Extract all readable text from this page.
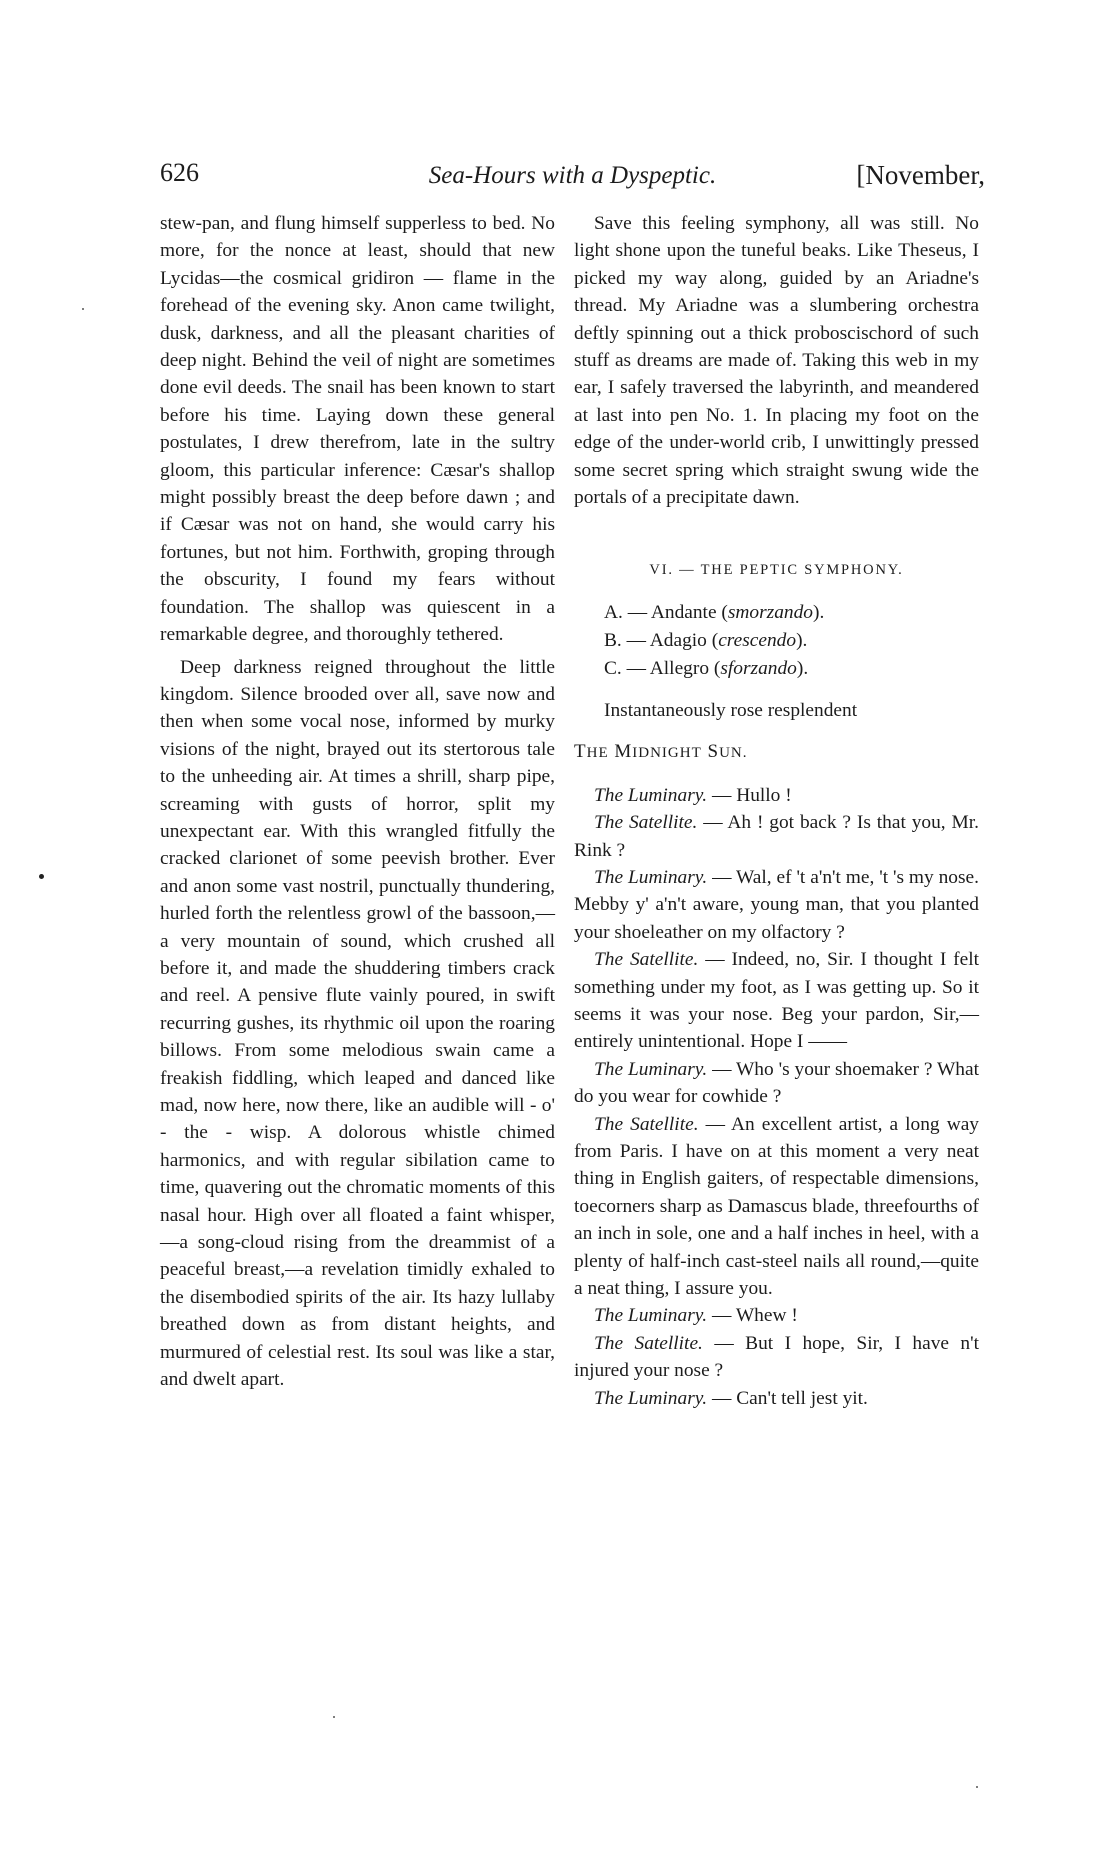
626	Sea-Hours with a Dyspeptic.	[November,

stew-pan, and flung himself supperless to bed. No more, for the nonce at least, should that new Lycidas—the cosmical gridiron — flame in the forehead of the evening sky. Anon came twilight, dusk, darkness, and all the pleasant charities of deep night. Behind the veil of night are sometimes done evil deeds. The snail has been known to start before his time. Laying down these general postulates, I drew therefrom, late in the sultry gloom, this particular inference: Cæsar's shallop might possibly breast the deep before dawn ; and if Cæsar was not on hand, she would carry his fortunes, but not him. Forthwith, groping through the obscurity, I found my fears without foundation. The shallop was quiescent in a remarkable degree, and thoroughly tethered.

Deep darkness reigned throughout the little kingdom. Silence brooded over all, save now and then when some vocal nose, informed by murky visions of the night, brayed out its stertorous tale to the unheeding air. At times a shrill, sharp pipe, screaming with gusts of horror, split my unexpectant ear. With this wrangled fitfully the cracked clarionet of some peevish brother. Ever and anon some vast nostril, punctually thundering, hurled forth the relentless growl of the bassoon,— a very mountain of sound, which crushed all before it, and made the shuddering timbers crack and reel. A pensive flute vainly poured, in swift recurring gushes, its rhythmic oil upon the roaring billows. From some melodious swain came a freakish fiddling, which leaped and danced like mad, now here, now there, like an audible will - o' - the - wisp. A dolorous whistle chimed harmonics, and with regular sibilation came to time, quavering out the chromatic moments of this nasal hour. High over all floated a faint whisper, —a song-cloud rising from the dreammist of a peaceful breast,—a revelation timidly exhaled to the disembodied spirits of the air. Its hazy lullaby breathed down as from distant heights, and murmured of celestial rest. Its soul was like a star, and dwelt apart.

Save this feeling symphony, all was still. No light shone upon the tuneful beaks. Like Theseus, I picked my way along, guided by an Ariadne's thread. My Ariadne was a slumbering orchestra deftly spinning out a thick proboscischord of such stuff as dreams are made of. Taking this web in my ear, I safely traversed the labyrinth, and meandered at last into pen No. 1. In placing my foot on the edge of the under-world crib, I unwittingly pressed some secret spring which straight swung wide the portals of a precipitate dawn.

VI. — THE PEPTIC SYMPHONY.
A. — Andante (smorzando).
B. — Adagio (crescendo).
C. — Allegro (sforzando).

Instantaneously rose resplendent

THE MIDNIGHT SUN.

The Luminary. — Hullo !

The Satellite. — Ah ! got back ? Is that you, Mr. Rink ?

The Luminary. — Wal, ef 't a'n't me, 't 's my nose. Mebby y' a'n't aware, young man, that you planted your shoeleather on my olfactory ?

The Satellite. — Indeed, no, Sir. I thought I felt something under my foot, as I was getting up. So it seems it was your nose. Beg your pardon, Sir,—entirely unintentional. Hope I ——

The Luminary. — Who 's your shoemaker ? What do you wear for cowhide ?

The Satellite. — An excellent artist, a long way from Paris. I have on at this moment a very neat thing in English gaiters, of respectable dimensions, toecorners sharp as Damascus blade, threefourths of an inch in sole, one and a half inches in heel, with a plenty of half-inch cast-steel nails all round,—quite a neat thing, I assure you.

The Luminary. — Whew !

The Satellite. — But I hope, Sir, I have n't injured your nose ?

The Luminary. — Can't tell jest yit.
